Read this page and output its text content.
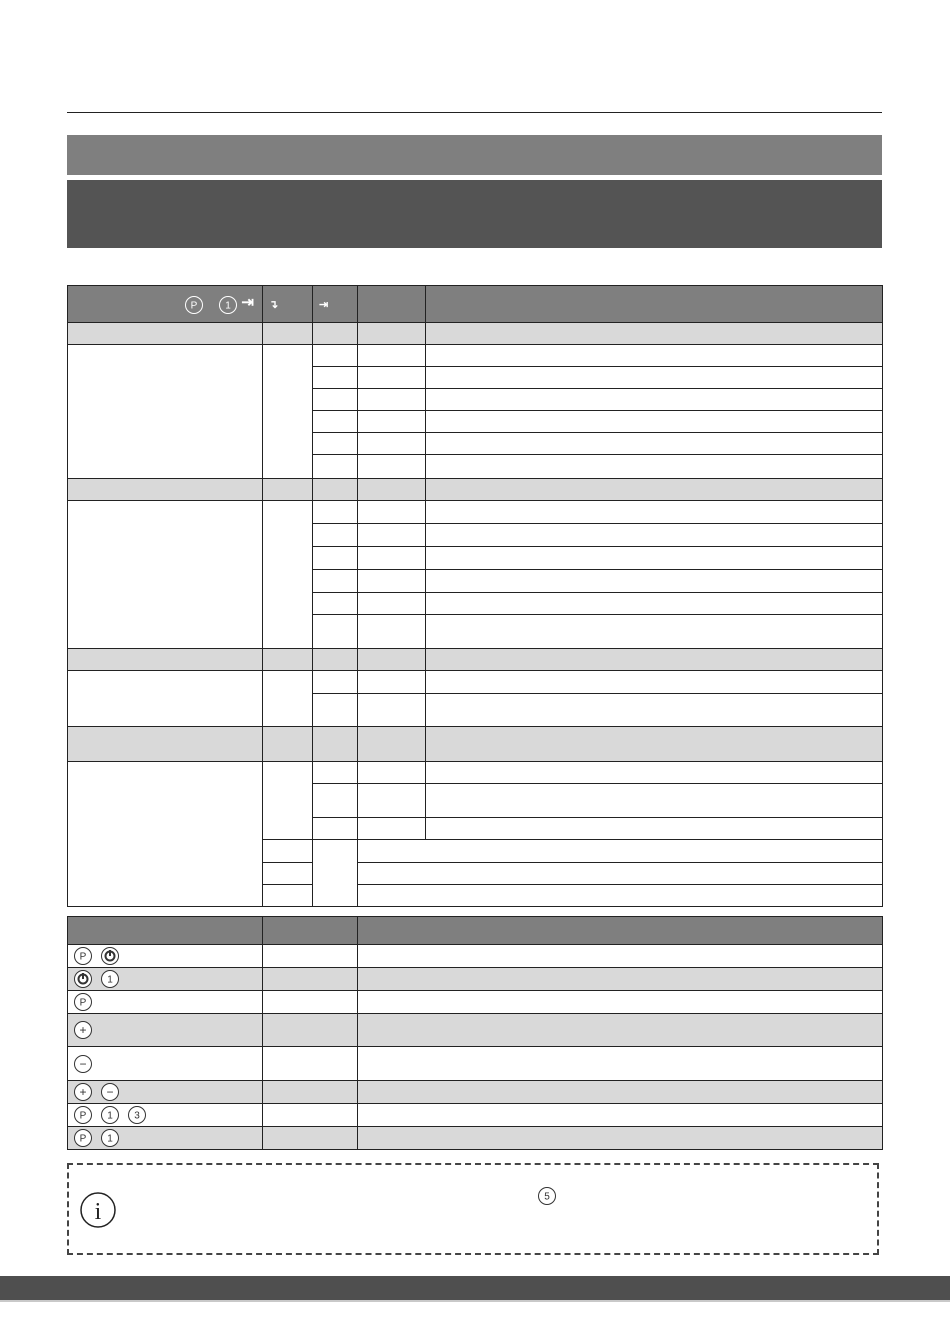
P
1 ⇥	↴	⇥		

P		

1		

P		

+		

−		

+
−		

P
1
3		

P
1		

i
5
